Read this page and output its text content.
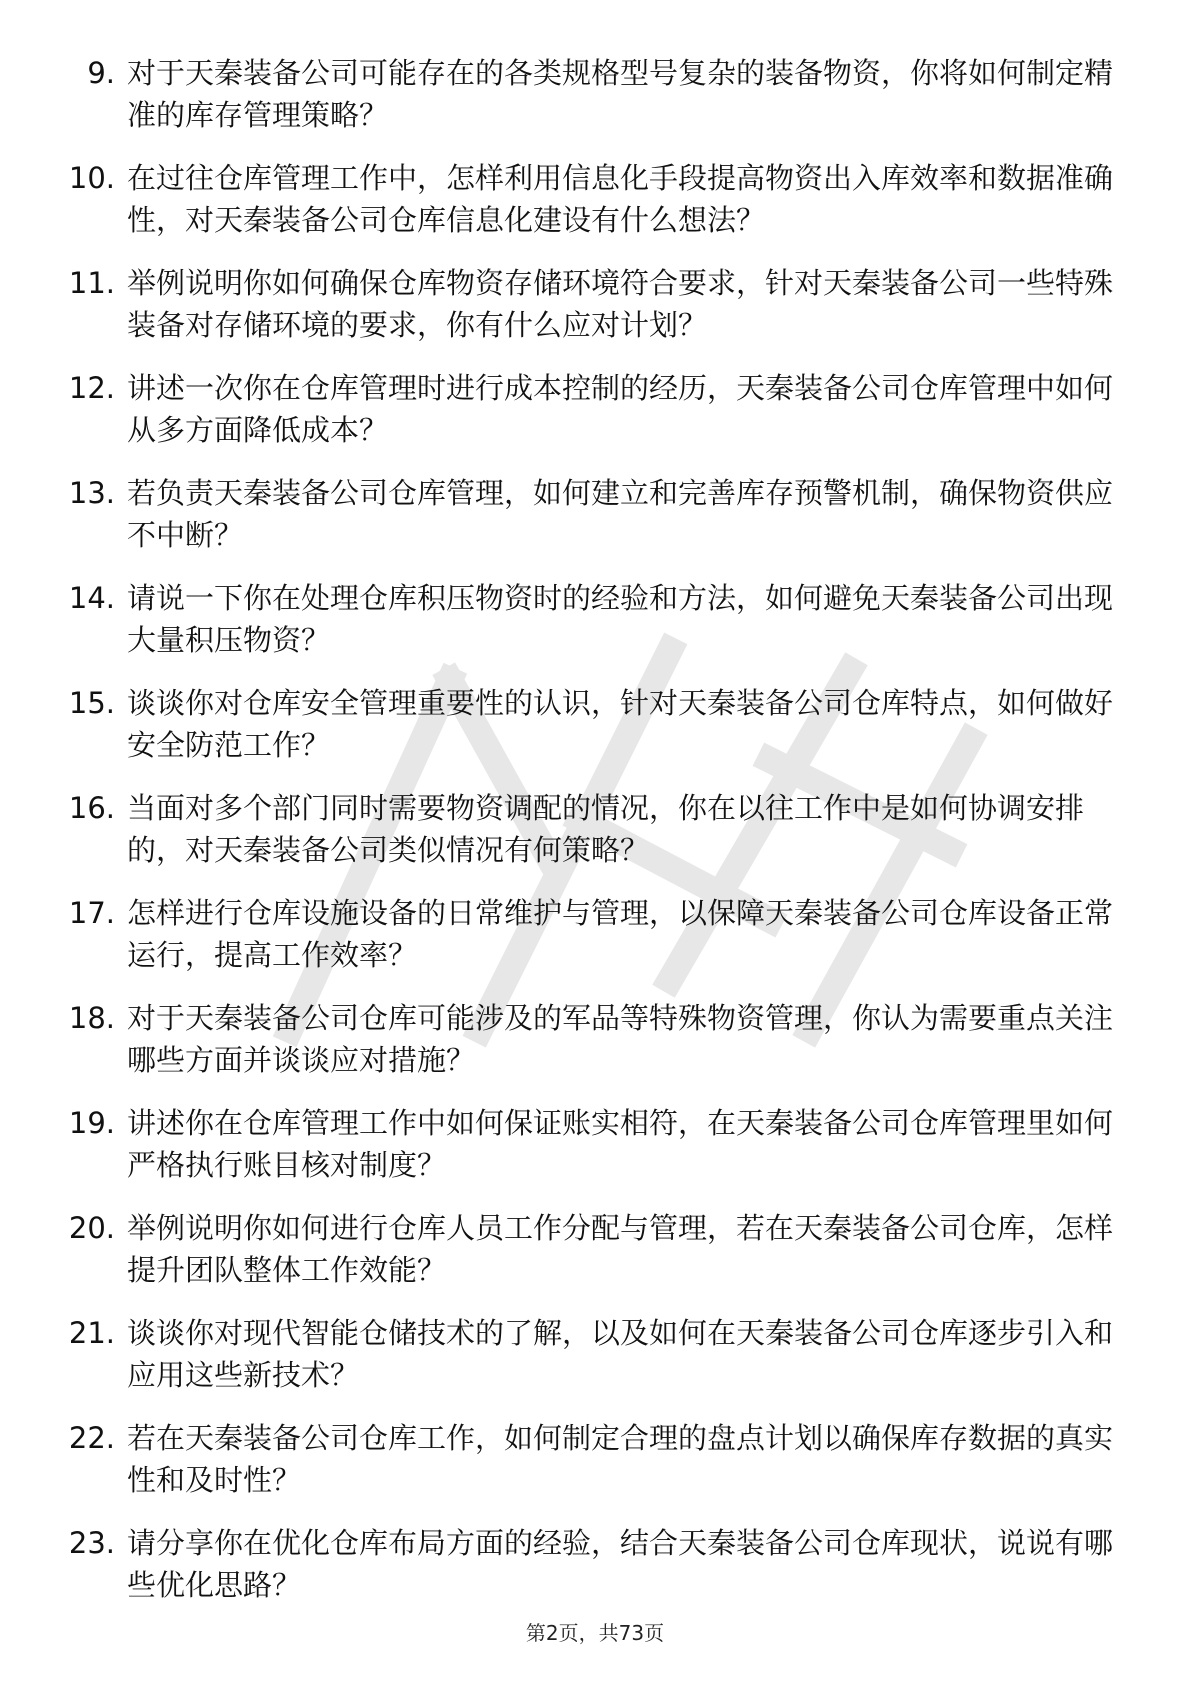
9. 对于天秦装备公司可能存在的各类规格型号复杂的装备物资，你将如何制定精准的库存管理策略？
10. 在过往仓库管理工作中，怎样利用信息化手段提高物资出入库效率和数据准确性，对天秦装备公司仓库信息化建设有什么想法？
11. 举例说明你如何确保仓库物资存储环境符合要求，针对天秦装备公司一些特殊装备对存储环境的要求，你有什么应对计划？
12. 讲述一次你在仓库管理时进行成本控制的经历，天秦装备公司仓库管理中如何从多方面降低成本？
13. 若负责天秦装备公司仓库管理，如何建立和完善库存预警机制，确保物资供应不中断？
14. 请说一下你在处理仓库积压物资时的经验和方法，如何避免天秦装备公司出现大量积压物资？
15. 谈谈你对仓库安全管理重要性的认识，针对天秦装备公司仓库特点，如何做好安全防范工作？
16. 当面对多个部门同时需要物资调配的情况，你在以往工作中是如何协调安排的，对天秦装备公司类似情况有何策略？
17. 怎样进行仓库设施设备的日常维护与管理，以保障天秦装备公司仓库设备正常运行，提高工作效率？
18. 对于天秦装备公司仓库可能涉及的军品等特殊物资管理，你认为需要重点关注哪些方面并谈谈应对措施？
19. 讲述你在仓库管理工作中如何保证账实相符，在天秦装备公司仓库管理里如何严格执行账目核对制度？
20. 举例说明你如何进行仓库人员工作分配与管理，若在天秦装备公司仓库，怎样提升团队整体工作效能？
21. 谈谈你对现代智能仓储技术的了解，以及如何在天秦装备公司仓库逐步引入和应用这些新技术？
22. 若在天秦装备公司仓库工作，如何制定合理的盘点计划以确保库存数据的真实性和及时性？
23. 请分享你在优化仓库布局方面的经验，结合天秦装备公司仓库现状，说说有哪些优化思路？
第2页，共73页
